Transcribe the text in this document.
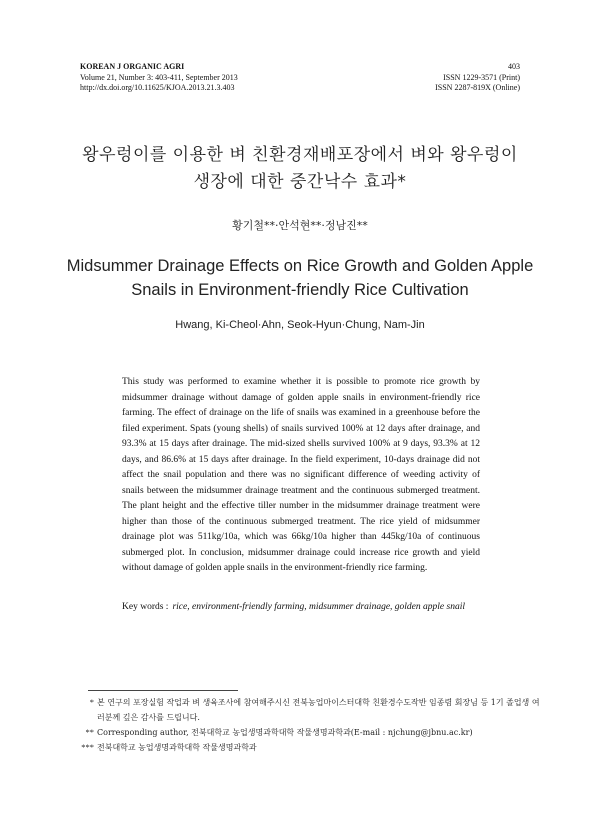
KOREAN J ORGANIC AGRI
Volume 21, Number 3: 403-411, September 2013
http://dx.doi.org/10.11625/KJOA.2013.21.3.403
403
ISSN 1229-3571 (Print)
ISSN 2287-819X (Online)
왕우렁이를 이용한 벼 친환경재배포장에서 벼와 왕우렁이
생장에 대한 중간낙수 효과*
황기철**·안석현**·정남진**
Midsummer Drainage Effects on Rice Growth and Golden Apple
Snails in Environment-friendly Rice Cultivation
Hwang, Ki-Cheol·Ahn, Seok-Hyun·Chung, Nam-Jin
This study was performed to examine whether it is possible to promote rice growth by midsummer drainage without damage of golden apple snails in environment-friendly rice farming. The effect of drainage on the life of snails was examined in a greenhouse before the filed experiment. Spats (young shells) of snails survived 100% at 12 days after drainage, and 93.3% at 15 days after drainage. The mid-sized shells survived 100% at 9 days, 93.3% at 12 days, and 86.6% at 15 days after drainage. In the field experiment, 10-days drainage did not affect the snail population and there was no significant difference of weeding activity of snails between the midsummer drainage treatment and the continuous submerged treatment. The plant height and the effective tiller number in the midsummer drainage treatment were higher than those of the continuous submerged treatment. The rice yield of midsummer drainage plot was 511kg/10a, which was 66kg/10a higher than 445kg/10a of continuous submerged plot. In conclusion, midsummer drainage could increase rice growth and yield without damage of golden apple snails in the environment-friendly rice farming.
Key words : rice, environment-friendly farming, midsummer drainage, golden apple snail
* 본 연구의 포장실험 작업과 벼 생육조사에 참여해주시신 전북농업마이스터대학 친환경수도작반 임종렴 회장님 등 1기 졸업생 여러분께 깊은 감사를 드립니다.
** Corresponding author, 전북대학교 농업생명과학대학 작물생명과학과(E-mail : njchung@jbnu.ac.kr)
*** 전북대학교 농업생명과학대학 작물생명과학과
